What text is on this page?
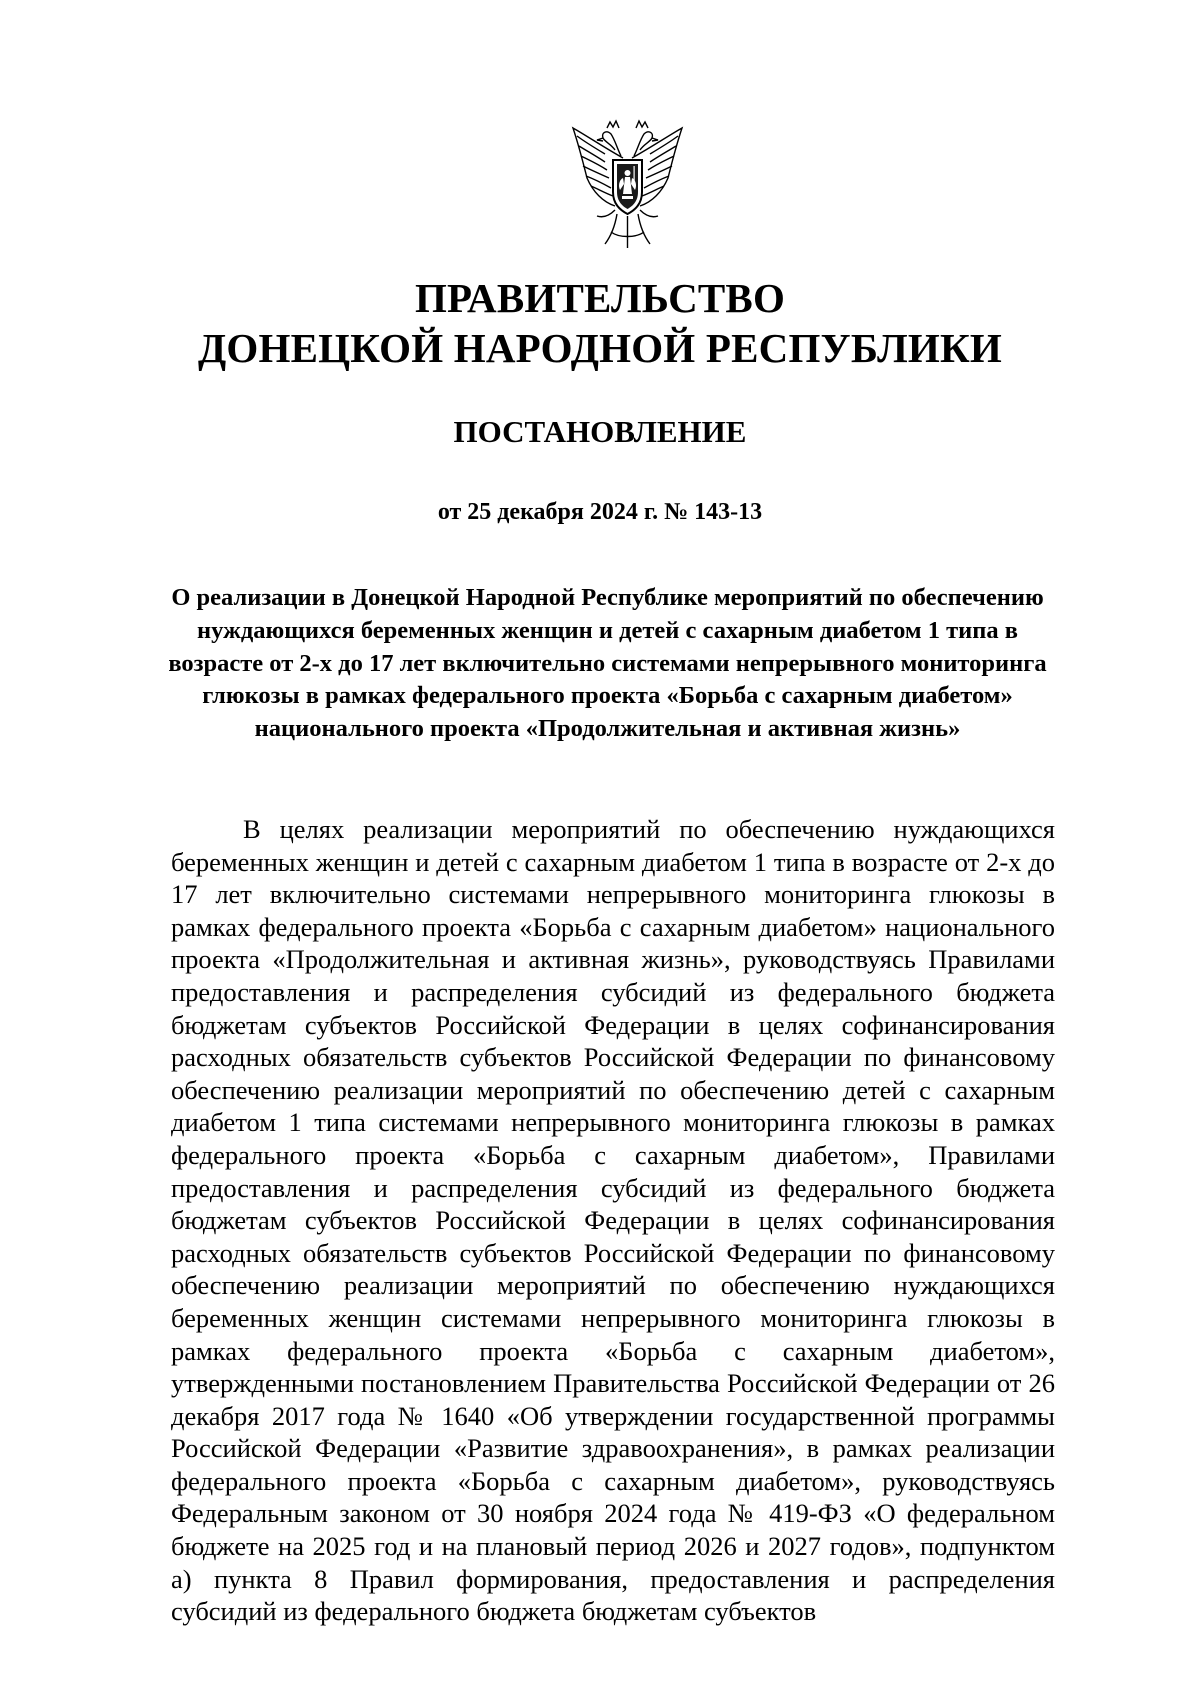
ПРАВИТЕЛЬСТВО
ДОНЕЦКОЙ НАРОДНОЙ РЕСПУБЛИКИ
ПОСТАНОВЛЕНИЕ
от 25 декабря 2024 г. № 143-13
О реализации в Донецкой Народной Республике мероприятий по обеспечению нуждающихся беременных женщин и детей с сахарным диабетом 1 типа в возрасте от 2-х до 17 лет включительно системами непрерывного мониторинга глюкозы в рамках федерального проекта «Борьба с сахарным диабетом» национального проекта «Продолжительная и активная жизнь»

В целях реализации мероприятий по обеспечению нуждающихся беременных женщин и детей с сахарным диабетом 1 типа в возрасте от 2-х до 17 лет включительно системами непрерывного мониторинга глюкозы в рамках федерального проекта «Борьба с сахарным диабетом» национального проекта «Продолжительная и активная жизнь», руководствуясь Правилами предоставления и распределения субсидий из федерального бюджета бюджетам субъектов Российской Федерации в целях софинансирования расходных обязательств субъектов Российской Федерации по финансовому обеспечению реализации мероприятий по обеспечению детей с сахарным диабетом 1 типа системами непрерывного мониторинга глюкозы в рамках федерального проекта «Борьба с сахарным диабетом», Правилами предоставления и распределения субсидий из федерального бюджета бюджетам субъектов Российской Федерации в целях софинансирования расходных обязательств субъектов Российской Федерации по финансовому обеспечению реализации мероприятий по обеспечению нуждающихся беременных женщин системами непрерывного мониторинга глюкозы в рамках федерального проекта «Борьба с сахарным диабетом», утвержденными постановлением Правительства Российской Федерации от 26 декабря 2017 года № 1640 «Об утверждении государственной программы Российской Федерации «Развитие здравоохранения», в рамках реализации федерального проекта «Борьба с сахарным диабетом», руководствуясь Федеральным законом от 30 ноября 2024 года № 419-ФЗ «О федеральном бюджете на 2025 год и на плановый период 2026 и 2027 годов», подпунктом а) пункта 8 Правил формирования, предоставления и распределения субсидий из федерального бюджета бюджетам субъектов
